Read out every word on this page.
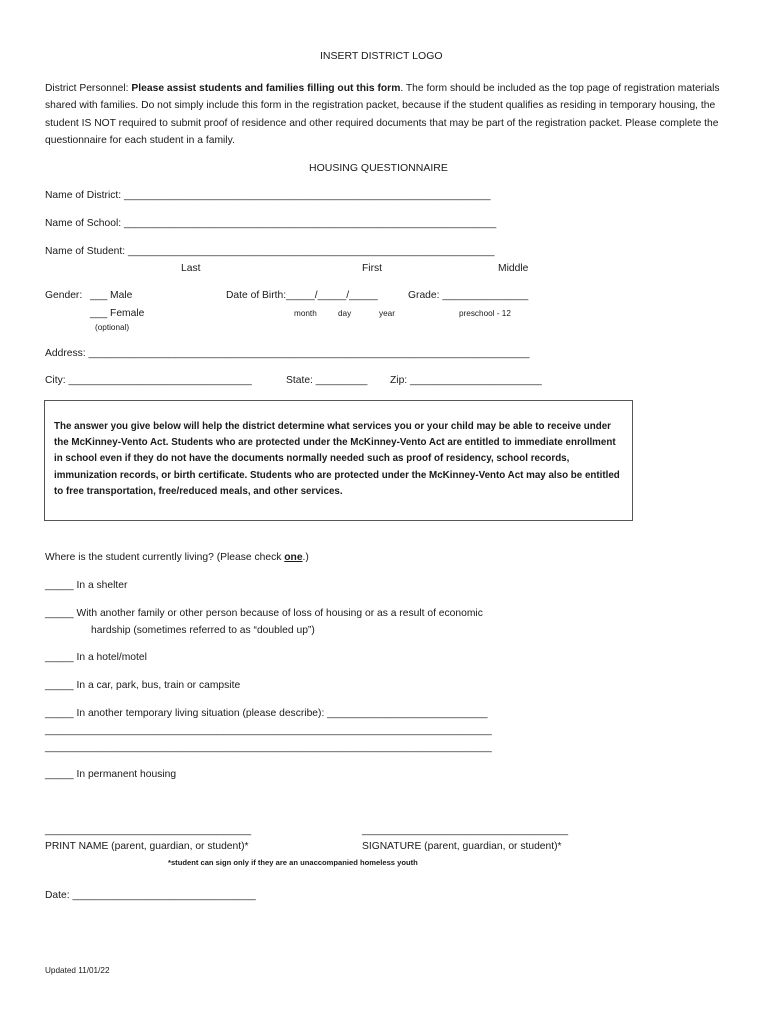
INSERT DISTRICT LOGO
District Personnel: Please assist students and families filling out this form. The form should be included as the top page of registration materials shared with families. Do not simply include this form in the registration packet, because if the student qualifies as residing in temporary housing, the student IS NOT required to submit proof of residence and other required documents that may be part of the registration packet. Please complete the questionnaire for each student in a family.
HOUSING QUESTIONNAIRE
Name of District: ________________________________________________________________
Name of School: _________________________________________________________________
Name of Student: ________________________________________________________________
Last	First	Middle
Gender: ___ Male
___ Female
(optional)
Date of Birth:_____/_____/_____
month	day	year
Grade: _______________
preschool - 12
Address: _____________________________________________________________________________
City: ________________________________	State: _________ Zip: _______________________
The answer you give below will help the district determine what services you or your child may be able to receive under the McKinney-Vento Act. Students who are protected under the McKinney-Vento Act are entitled to immediate enrollment in school even if they do not have the documents normally needed such as proof of residency, school records, immunization records, or birth certificate. Students who are protected under the McKinney-Vento Act may also be entitled to free transportation, free/reduced meals, and other services.
Where is the student currently living? (Please check one.)
_____ In a shelter
_____ With another family or other person because of loss of housing or as a result of economic
hardship (sometimes referred to as “doubled up”)
_____ In a hotel/motel
_____ In a car, park, bus, train or campsite
_____ In another temporary living situation (please describe): ____________________________
______________________________________________________________________________
______________________________________________________________________________
_____ In permanent housing
____________________________________
PRINT NAME (parent, guardian, or student)*
____________________________________
SIGNATURE (parent, guardian, or student)*
*student can sign only if they are an unaccompanied homeless youth
Date: ________________________________
Updated 11/01/22
